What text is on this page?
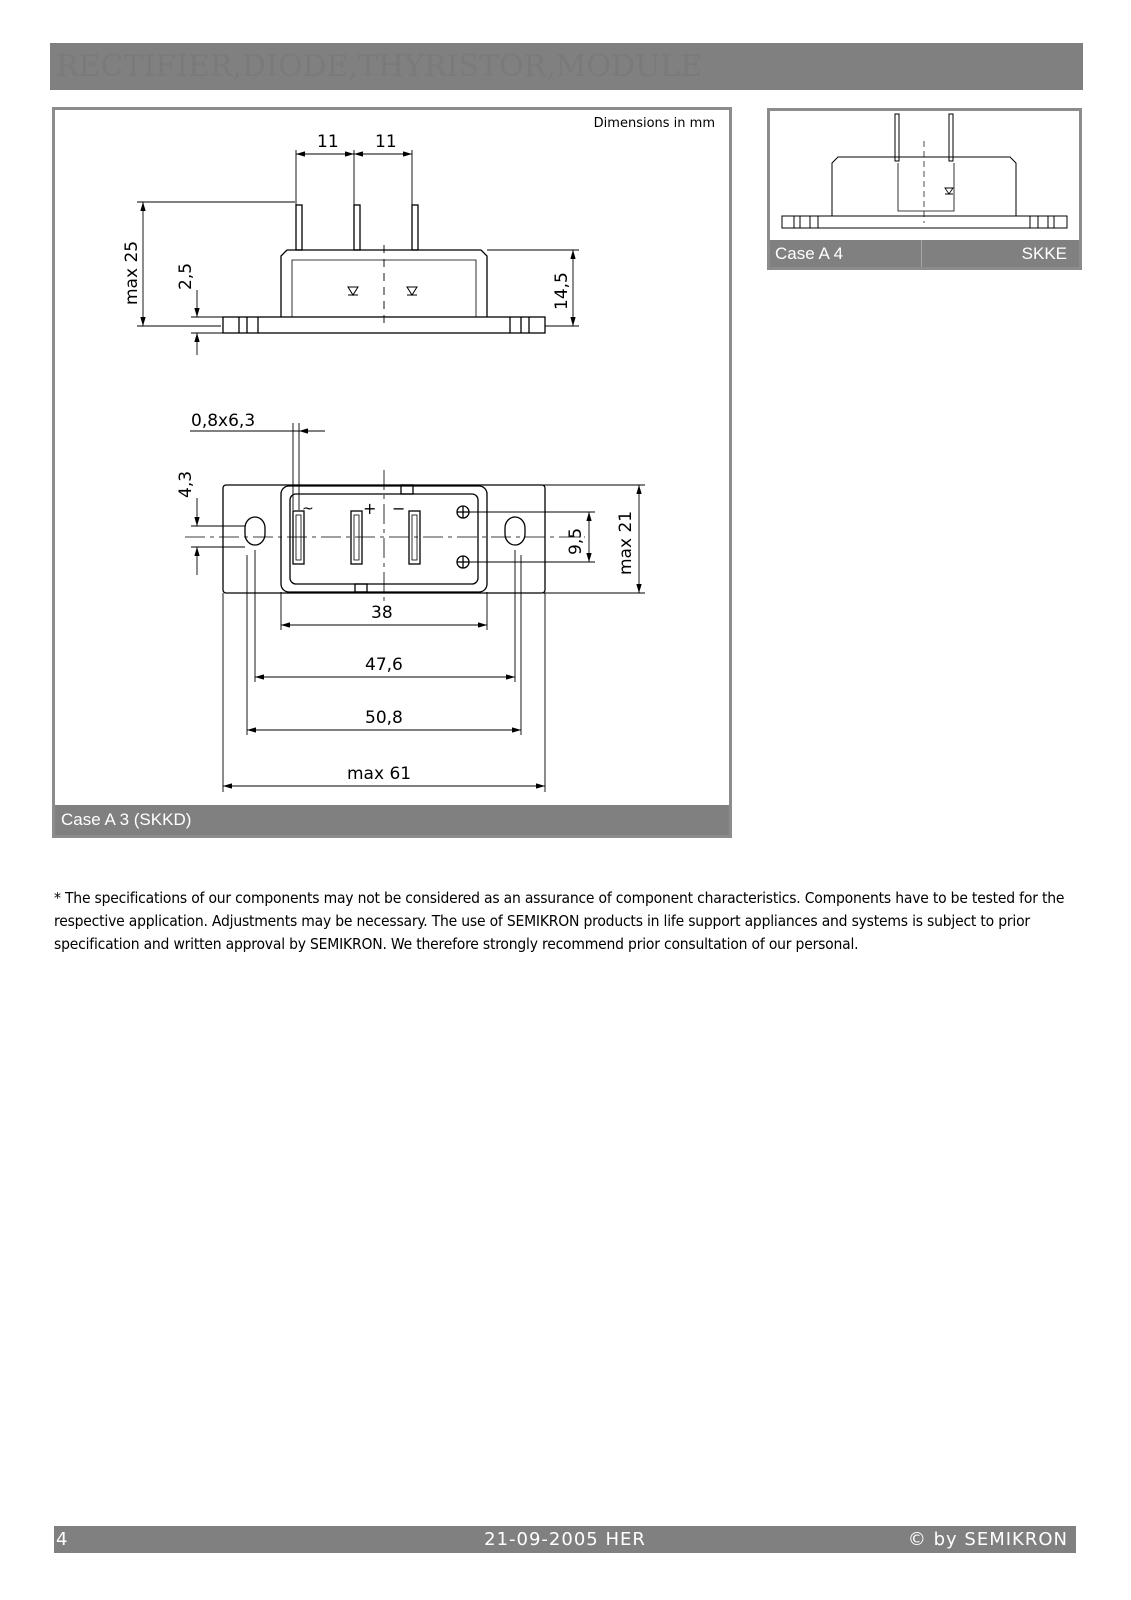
RECTIFIER,DIODE,THYRISTOR,MODULE
Dimensions in mm
11 11
max 25 2,5	14,5
0,8x6,3
4,3
9,5 max 21
38
47,6
50,8
max 61
~	+ −
Case A 3 (SKKD)
Case A 4	SKKE
* The specifications of our components may not be considered as an assurance of component characteristics. Components have to be tested for the respective application. Adjustments may be necessary. The use of SEMIKRON products in life support appliances and systems is subject to prior specification and written approval by SEMIKRON. We therefore strongly recommend prior consultation of our personal.
4	21-09-2005 HER	© by SEMIKRON
